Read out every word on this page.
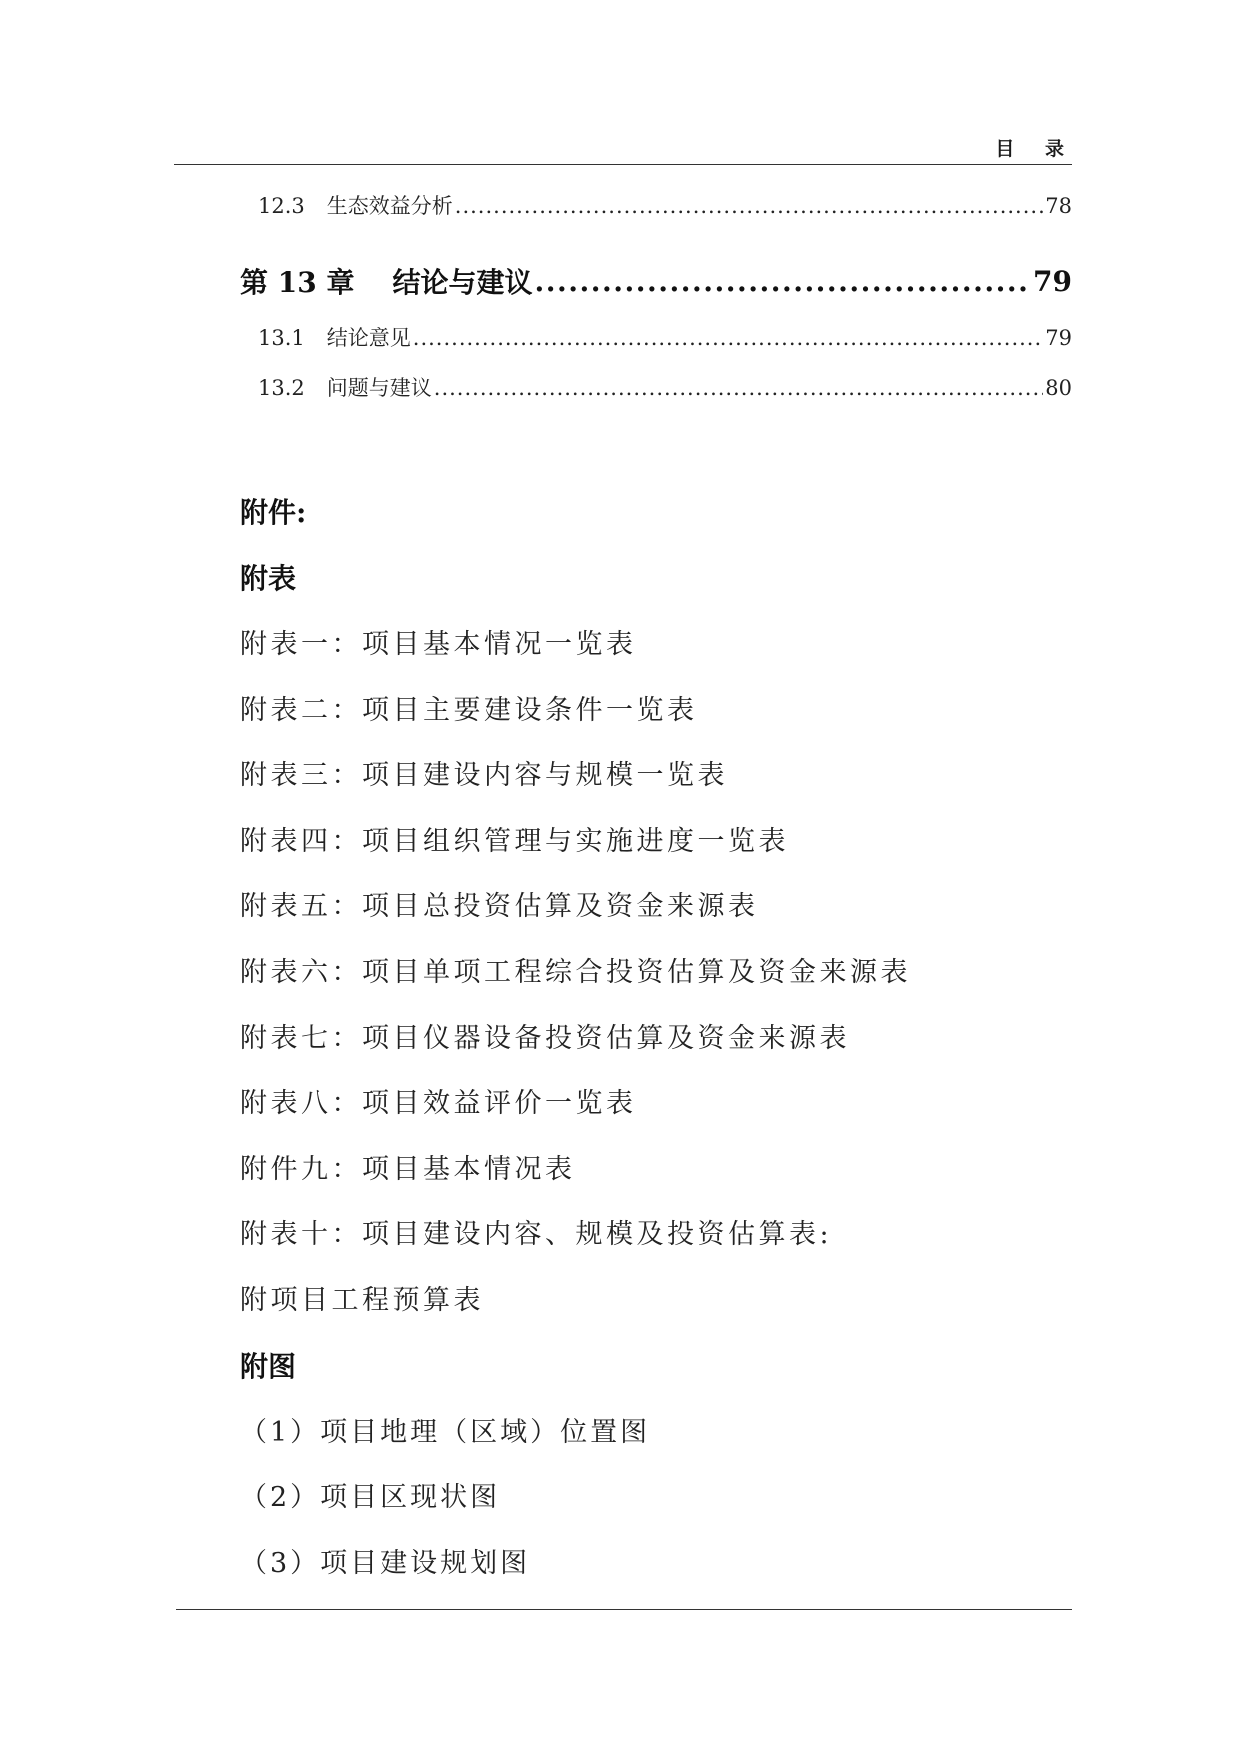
目 录
12.3 生态效益分析 .....	78
第 13 章 结论与建议 .....	79
13.1 结论意见 .....	79
13.2 问题与建议 .....	80
附件:
附表
附表一：项目基本情况一览表
附表二：项目主要建设条件一览表
附表三：项目建设内容与规模一览表
附表四：项目组织管理与实施进度一览表
附表五：项目总投资估算及资金来源表
附表六：项目单项工程综合投资估算及资金来源表
附表七：项目仪器设备投资估算及资金来源表
附表八：项目效益评价一览表
附件九：项目基本情况表
附表十：项目建设内容、规模及投资估算表:
附项目工程预算表
附图
（1）项目地理（区域）位置图
（2）项目区现状图
（3）项目建设规划图
